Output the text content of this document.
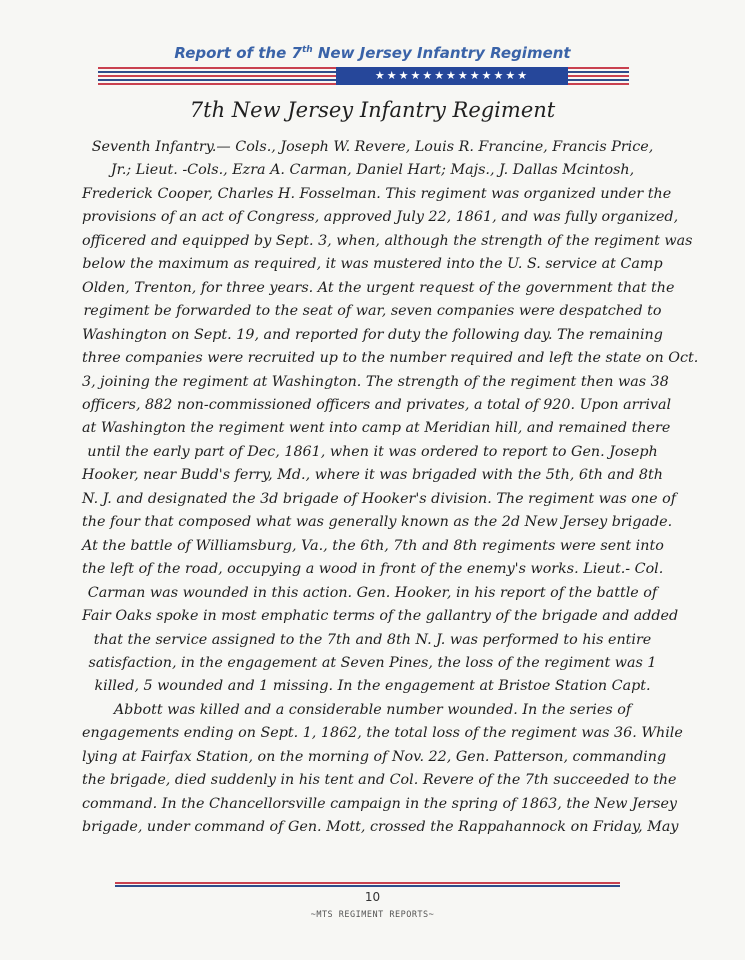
Report of the 7th New Jersey Infantry Regiment
★★★★★★★★★★★★★
7th New Jersey Infantry Regiment
Seventh Infantry.— Cols., Joseph W. Revere, Louis R. Francine, Francis Price,
Jr.; Lieut. -Cols., Ezra A. Carman, Daniel Hart; Majs., J. Dallas Mcintosh,
Frederick Cooper, Charles H. Fosselman. This regiment was organized under the
provisions of an act of Congress, approved July 22, 1861, and was fully organized,
officered and equipped by Sept. 3, when, although the strength of the regiment was
below the maximum as required, it was mustered into the U. S. service at Camp
Olden, Trenton, for three years. At the urgent request of the government that the
regiment be forwarded to the seat of war, seven companies were despatched to
Washington on Sept. 19, and reported for duty the following day. The remaining
three companies were recruited up to the number required and left the state on Oct.
3, joining the regiment at Washington. The strength of the regiment then was 38
officers, 882 non-commissioned officers and privates, a total of 920. Upon arrival
at Washington the regiment went into camp at Meridian hill, and remained there
until the early part of Dec, 1861, when it was ordered to report to Gen. Joseph
Hooker, near Budd's ferry, Md., where it was brigaded with the 5th, 6th and 8th
N. J. and designated the 3d brigade of Hooker's division. The regiment was one of
the four that composed what was generally known as the 2d New Jersey brigade.
At the battle of Williamsburg, Va., the 6th, 7th and 8th regiments were sent into
the left of the road, occupying a wood in front of the enemy's works. Lieut.- Col.
Carman was wounded in this action. Gen. Hooker, in his report of the battle of
Fair Oaks spoke in most emphatic terms of the gallantry of the brigade and added
that the service assigned to the 7th and 8th N. J. was performed to his entire
satisfaction, in the engagement at Seven Pines, the loss of the regiment was 1
killed, 5 wounded and 1 missing. In the engagement at Bristoe Station Capt.
Abbott was killed and a considerable number wounded. In the series of
engagements ending on Sept. 1, 1862, the total loss of the regiment was 36. While
lying at Fairfax Station, on the morning of Nov. 22, Gen. Patterson, commanding
the brigade, died suddenly in his tent and Col. Revere of the 7th succeeded to the
command. In the Chancellorsville campaign in the spring of 1863, the New Jersey
brigade, under command of Gen. Mott, crossed the Rappahannock on Friday, May
10
~MTS REGIMENT REPORTS~
